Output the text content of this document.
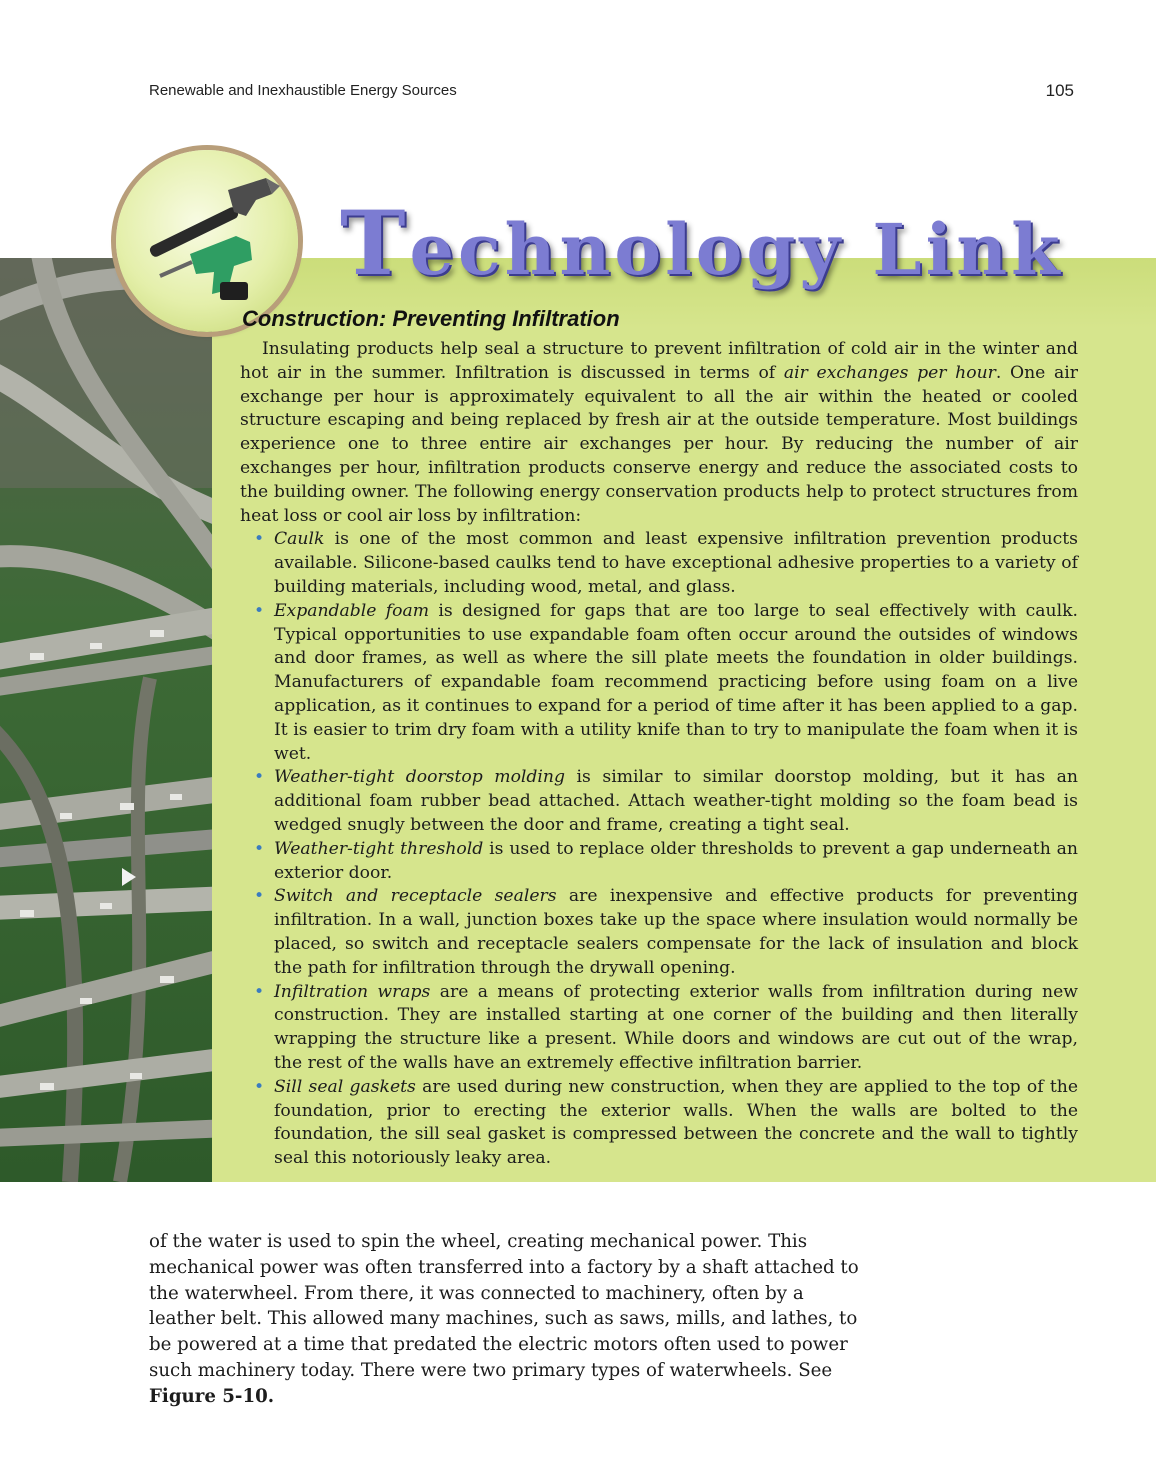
Renewable and Inexhaustible Energy Sources	105
Technology Link
Construction: Preventing Infiltration

Insulating products help seal a structure to prevent infiltration of cold air in the winter and hot air in the summer. Infiltration is discussed in terms of air exchanges per hour. One air exchange per hour is approximately equivalent to all the air within the heated or cooled structure escaping and being replaced by fresh air at the outside temperature. Most buildings experience one to three entire air exchanges per hour. By reducing the number of air exchanges per hour, infiltration products conserve energy and reduce the associated costs to the building owner. The following energy conservation products help to protect structures from heat loss or cool air loss by infiltration:

• Caulk is one of the most common and least expensive infiltration prevention products available. Silicone-based caulks tend to have exceptional adhesive properties to a variety of building materials, including wood, metal, and glass.
• Expandable foam is designed for gaps that are too large to seal effectively with caulk. Typical opportunities to use expandable foam often occur around the outsides of windows and door frames, as well as where the sill plate meets the foundation in older buildings. Manufacturers of expandable foam recommend practicing before using foam on a live application, as it continues to expand for a period of time after it has been applied to a gap. It is easier to trim dry foam with a utility knife than to try to manipulate the foam when it is wet.
• Weather-tight doorstop molding is similar to similar doorstop molding, but it has an additional foam rubber bead attached. Attach weather-tight molding so the foam bead is wedged snugly between the door and frame, creating a tight seal.
• Weather-tight threshold is used to replace older thresholds to prevent a gap underneath an exterior door.
• Switch and receptacle sealers are inexpensive and effective products for preventing infiltration. In a wall, junction boxes take up the space where insulation would normally be placed, so switch and receptacle sealers compensate for the lack of insulation and block the path for infiltration through the drywall opening.
• Infiltration wraps are a means of protecting exterior walls from infiltration during new construction. They are installed starting at one corner of the building and then literally wrapping the structure like a present. While doors and windows are cut out of the wrap, the rest of the walls have an extremely effective infiltration barrier.
• Sill seal gaskets are used during new construction, when they are applied to the top of the foundation, prior to erecting the exterior walls. When the walls are bolted to the foundation, the sill seal gasket is compressed between the concrete and the wall to tightly seal this notoriously leaky area.

of the water is used to spin the wheel, creating mechanical power. This mechanical power was often transferred into a factory by a shaft attached to the waterwheel. From there, it was connected to machinery, often by a leather belt. This allowed many machines, such as saws, mills, and lathes, to be powered at a time that predated the electric motors often used to power such machinery today. There were two primary types of waterwheels. See Figure 5-10.
